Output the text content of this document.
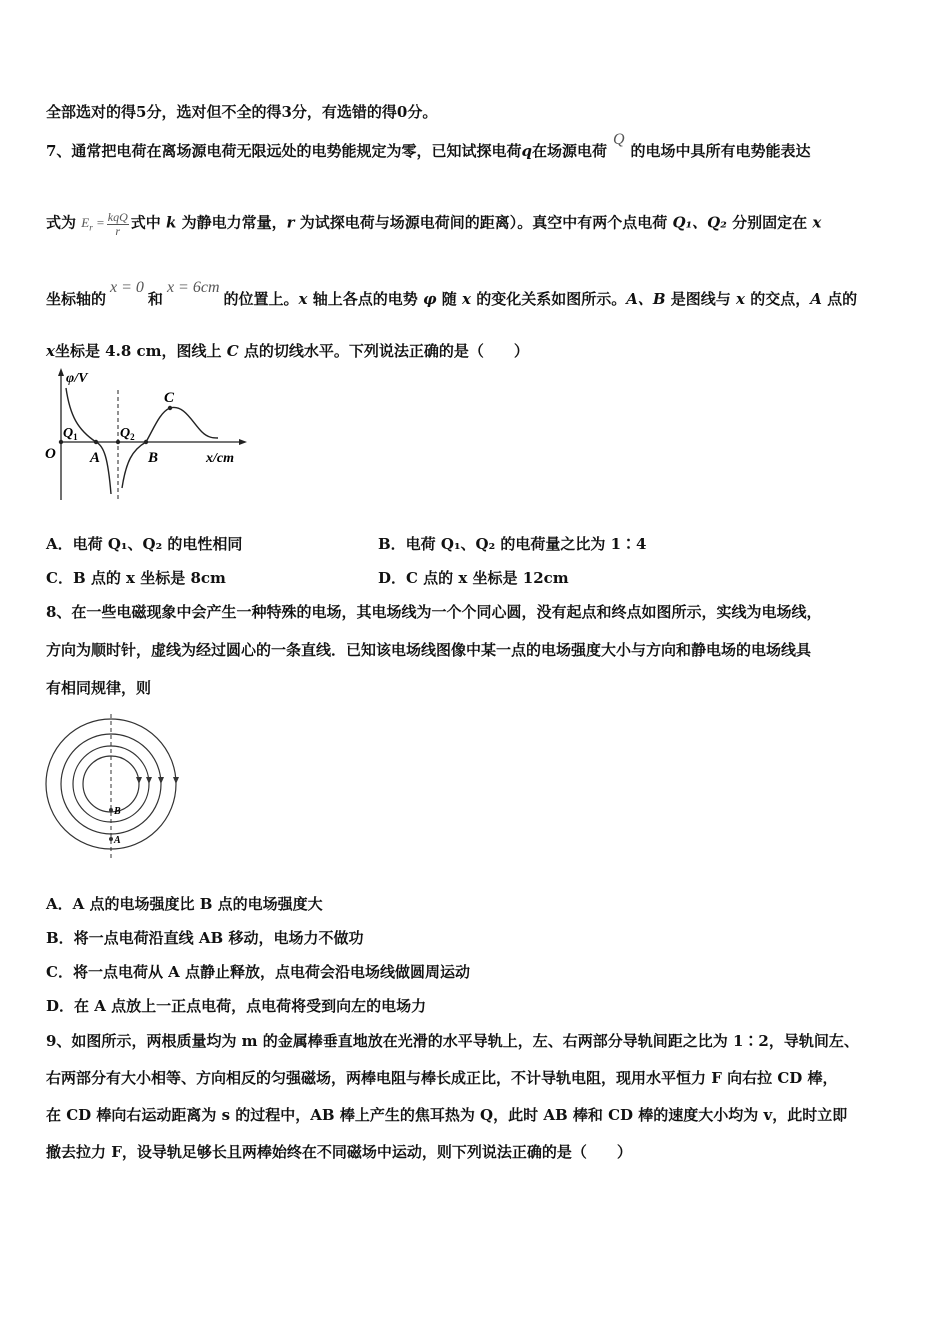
全部选对的得5分，选对但不全的得3分，有选错的得0分。
7、通常把电荷在离场源电荷无限远处的电势能规定为零，已知试探电荷q在场源电荷Q的电场中具所有电势能表达
式为 $E_r = \frac{\text{kqQ}}{r}$ 式中 k 为静电力常量，r 为试探电荷与场源电荷间的距离）。真空中有两个点电荷 Q₁、Q₂ 分别固定在 x
坐标轴的x = 0和x = 6cm的位置上。x 轴上各点的电势 φ 随 x 的变化关系如图所示。A、B 是图线与 x 的交点，A 点的
x坐标是 4.8 cm，图线上 C 点的切线水平。下列说法正确的是（　　）
φ/V
x/cm
O
$Q_1$	$Q_2$
A	B
C
A．电荷 Q₁、Q₂ 的电性相同	B．电荷 Q₁、Q₂ 的电荷量之比为 1∶4
C．B 点的 x 坐标是 8cm	D．C 点的 x 坐标是 12cm
8、在一些电磁现象中会产生一种特殊的电场，其电场线为一个个同心圆，没有起点和终点如图所示，实线为电场线，
方向为顺时针，虚线为经过圆心的一条直线．已知该电场线图像中某一点的电场强度大小与方向和静电场的电场线具
有相同规律，则
B
A
A．A 点的电场强度比 B 点的电场强度大
B．将一点电荷沿直线 AB 移动，电场力不做功
C．将一点电荷从 A 点静止释放，点电荷会沿电场线做圆周运动
D．在 A 点放上一正点电荷，点电荷将受到向左的电场力
9、如图所示，两根质量均为 m 的金属棒垂直地放在光滑的水平导轨上，左、右两部分导轨间距之比为 1∶2，导轨间左、
右两部分有大小相等、方向相反的匀强磁场，两棒电阻与棒长成正比，不计导轨电阻，现用水平恒力 F 向右拉 CD 棒，
在 CD 棒向右运动距离为 s 的过程中，AB 棒上产生的焦耳热为 Q，此时 AB 棒和 CD 棒的速度大小均为 v，此时立即
撤去拉力 F，设导轨足够长且两棒始终在不同磁场中运动，则下列说法正确的是（　　）
